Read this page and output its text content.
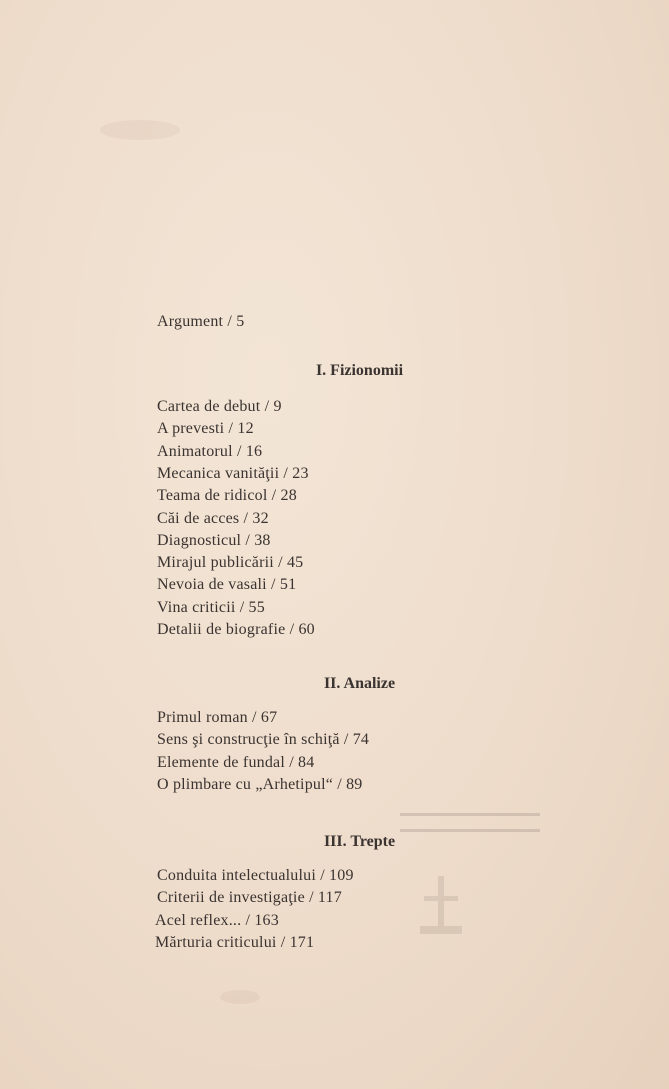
▬▬▬▬▬▬▬▬▬▬▬▬▬▬
▬▬▬▬▬▬▬▬▬▬▬▬▬▬
Argument / 5
I. Fizionomii
Cartea de debut / 9
A prevesti / 12
Animatorul / 16
Mecanica vanităţii / 23
Teama de ridicol / 28
Căi de acces / 32
Diagnosticul / 38
Mirajul publicării / 45
Nevoia de vasali / 51
Vina criticii / 55
Detalii de biografie / 60
II. Analize
Primul roman / 67
Sens şi construcţie în schiţă / 74
Elemente de fundal / 84
O plimbare cu „Arhetipul“ / 89
III. Trepte
Conduita intelectualului / 109
Criterii de investigaţie / 117
Acel reflex... / 163
Mărturia criticului / 171
